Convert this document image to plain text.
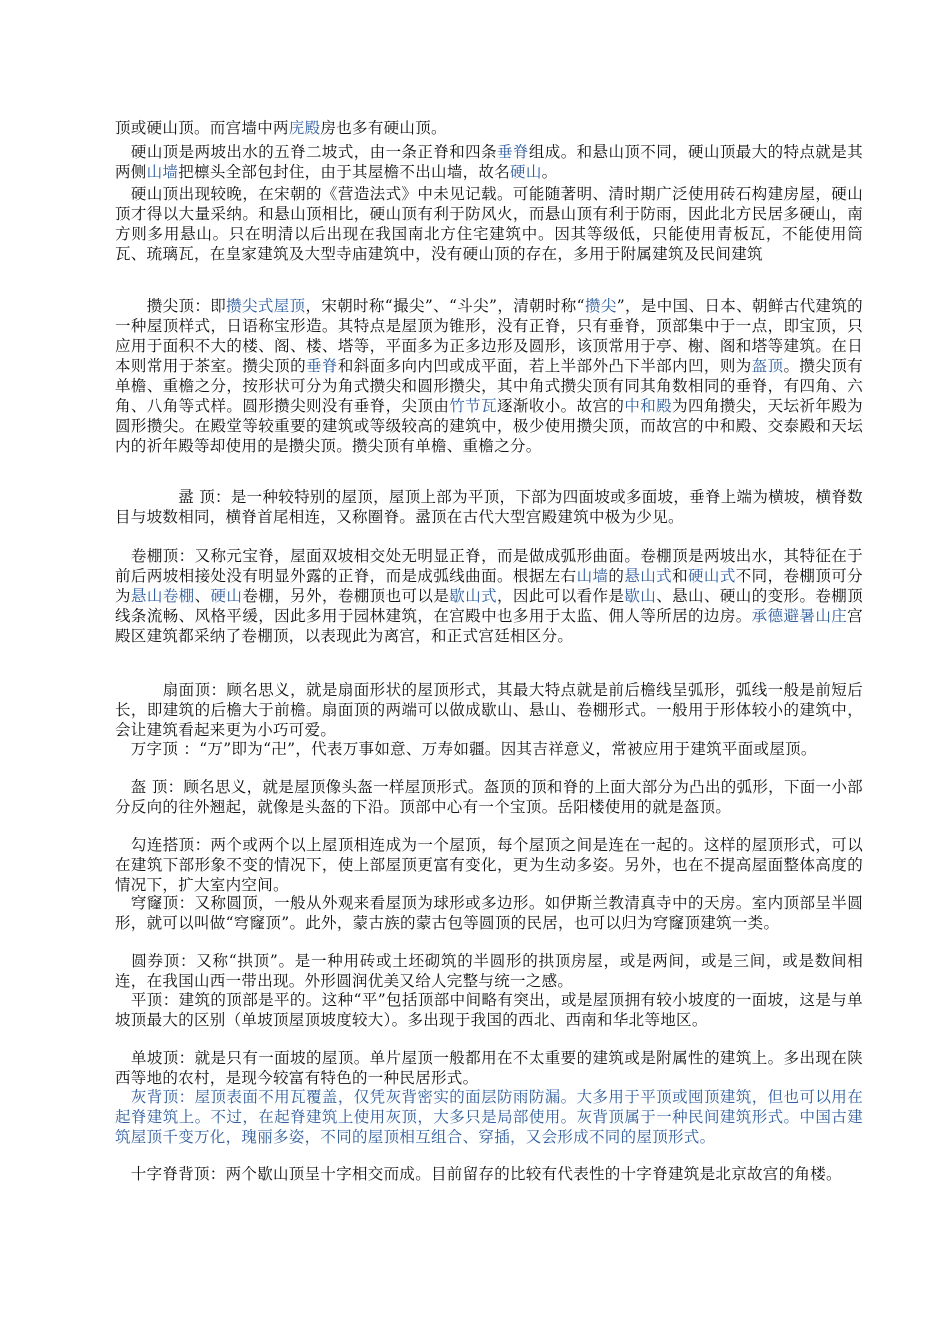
顶或硬山顶。而宫墙中两庑殿房也多有硬山顶。

　硬山顶是两坡出水的五脊二坡式，由一条正脊和四条垂脊组成。和悬山顶不同，硬山顶最大的特点就是其两侧山墙把檩头全部包封住，由于其屋檐不出山墙，故名硬山。

　硬山顶出现较晚，在宋朝的《营造法式》中未见记载。可能随著明、清时期广泛使用砖石构建房屋，硬山顶才得以大量采纳。和悬山顶相比，硬山顶有利于防风火，而悬山顶有利于防雨，因此北方民居多硬山，南方则多用悬山。只在明清以后出现在我国南北方住宅建筑中。因其等级低，只能使用青板瓦，不能使用筒瓦、琉璃瓦，在皇家建筑及大型寺庙建筑中，没有硬山顶的存在，多用于附属建筑及民间建筑

　　攒尖顶：即攒尖式屋顶，宋朝时称“撮尖”、“斗尖”，清朝时称“攒尖”，是中国、日本、朝鲜古代建筑的一种屋顶样式，日语称宝形造。其特点是屋顶为锥形，没有正脊，只有垂脊，顶部集中于一点，即宝顶，只应用于面积不大的楼、阁、楼、塔等，平面多为正多边形及圆形，该顶常用于亭、榭、阁和塔等建筑。在日本则常用于茶室。攒尖顶的垂脊和斜面多向内凹或成平面，若上半部外凸下半部内凹，则为盔顶。攒尖顶有单檐、重檐之分，按形状可分为角式攒尖和圆形攒尖，其中角式攒尖顶有同其角数相同的垂脊，有四角、六角、八角等式样。圆形攒尖则没有垂脊，尖顶由竹节瓦逐渐收小。故宫的中和殿为四角攒尖，天坛祈年殿为圆形攒尖。在殿堂等较重要的建筑或等级较高的建筑中，极少使用攒尖顶，而故宫的中和殿、交泰殿和天坛内的祈年殿等却使用的是攒尖顶。攒尖顶有单檐、重檐之分。

　　　　盝 顶：是一种较特别的屋顶，屋顶上部为平顶，下部为四面坡或多面坡，垂脊上端为横坡，横脊数目与坡数相同，横脊首尾相连，又称圈脊。盝顶在古代大型宫殿建筑中极为少见。

　卷棚顶：又称元宝脊，屋面双坡相交处无明显正脊，而是做成弧形曲面。卷棚顶是两坡出水，其特征在于前后两坡相接处没有明显外露的正脊，而是成弧线曲面。根据左右山墙的悬山式和硬山式不同，卷棚顶可分为悬山卷棚、硬山卷棚，另外，卷棚顶也可以是歇山式，因此可以看作是歇山、悬山、硬山的变形。卷棚顶线条流畅、风格平缓，因此多用于园林建筑，在宫殿中也多用于太监、佣人等所居的边房。承德避暑山庄宫殿区建筑都采纳了卷棚顶，以表现此为离宫，和正式宫廷相区分。

　　　扇面顶：顾名思义，就是扇面形状的屋顶形式，其最大特点就是前后檐线呈弧形，弧线一般是前短后长，即建筑的后檐大于前檐。扇面顶的两端可以做成歇山、悬山、卷棚形式。一般用于形体较小的建筑中，会让建筑看起来更为小巧可爱。

　万字顶 ：“万”即为“卍”，代表万事如意、万寿如疆。因其吉祥意义，常被应用于建筑平面或屋顶。

　盔 顶：顾名思义，就是屋顶像头盔一样屋顶形式。盔顶的顶和脊的上面大部分为凸出的弧形，下面一小部分反向的往外翘起，就像是头盔的下沿。顶部中心有一个宝顶。岳阳楼使用的就是盔顶。

　勾连搭顶：两个或两个以上屋顶相连成为一个屋顶，每个屋顶之间是连在一起的。这样的屋顶形式，可以在建筑下部形象不变的情况下，使上部屋顶更富有变化，更为生动多姿。另外，也在不提高屋面整体高度的情况下，扩大室内空间。

　穹窿顶：又称圆顶，一般从外观来看屋顶为球形或多边形。如伊斯兰教清真寺中的天房。室内顶部呈半圆形，就可以叫做“穹窿顶”。此外，蒙古族的蒙古包等圆顶的民居，也可以归为穹窿顶建筑一类。

　圆券顶：又称“拱顶”。是一种用砖或土坯砌筑的半圆形的拱顶房屋，或是两间，或是三间，或是数间相连，在我国山西一带出现。外形圆润优美又给人完整与统一之感。

　平顶：建筑的顶部是平的。这种“平”包括顶部中间略有突出，或是屋顶拥有较小坡度的一面坡，这是与单坡顶最大的区别（单坡顶屋顶坡度较大）。多出现于我国的西北、西南和华北等地区。

　单坡顶：就是只有一面坡的屋顶。单片屋顶一般都用在不太重要的建筑或是附属性的建筑上。多出现在陕西等地的农村，是现今较富有特色的一种民居形式。

　灰背顶：屋顶表面不用瓦覆盖，仅凭灰背密实的面层防雨防漏。大多用于平顶或囤顶建筑，但也可以用在起脊建筑上。不过，在起脊建筑上使用灰顶，大多只是局部使用。灰背顶属于一种民间建筑形式。中国古建筑屋顶千变万化，瑰丽多姿，不同的屋顶相互组合、穿插，又会形成不同的屋顶形式。

　十字脊背顶：两个歇山顶呈十字相交而成。目前留存的比较有代表性的十字脊建筑是北京故宫的角楼。
